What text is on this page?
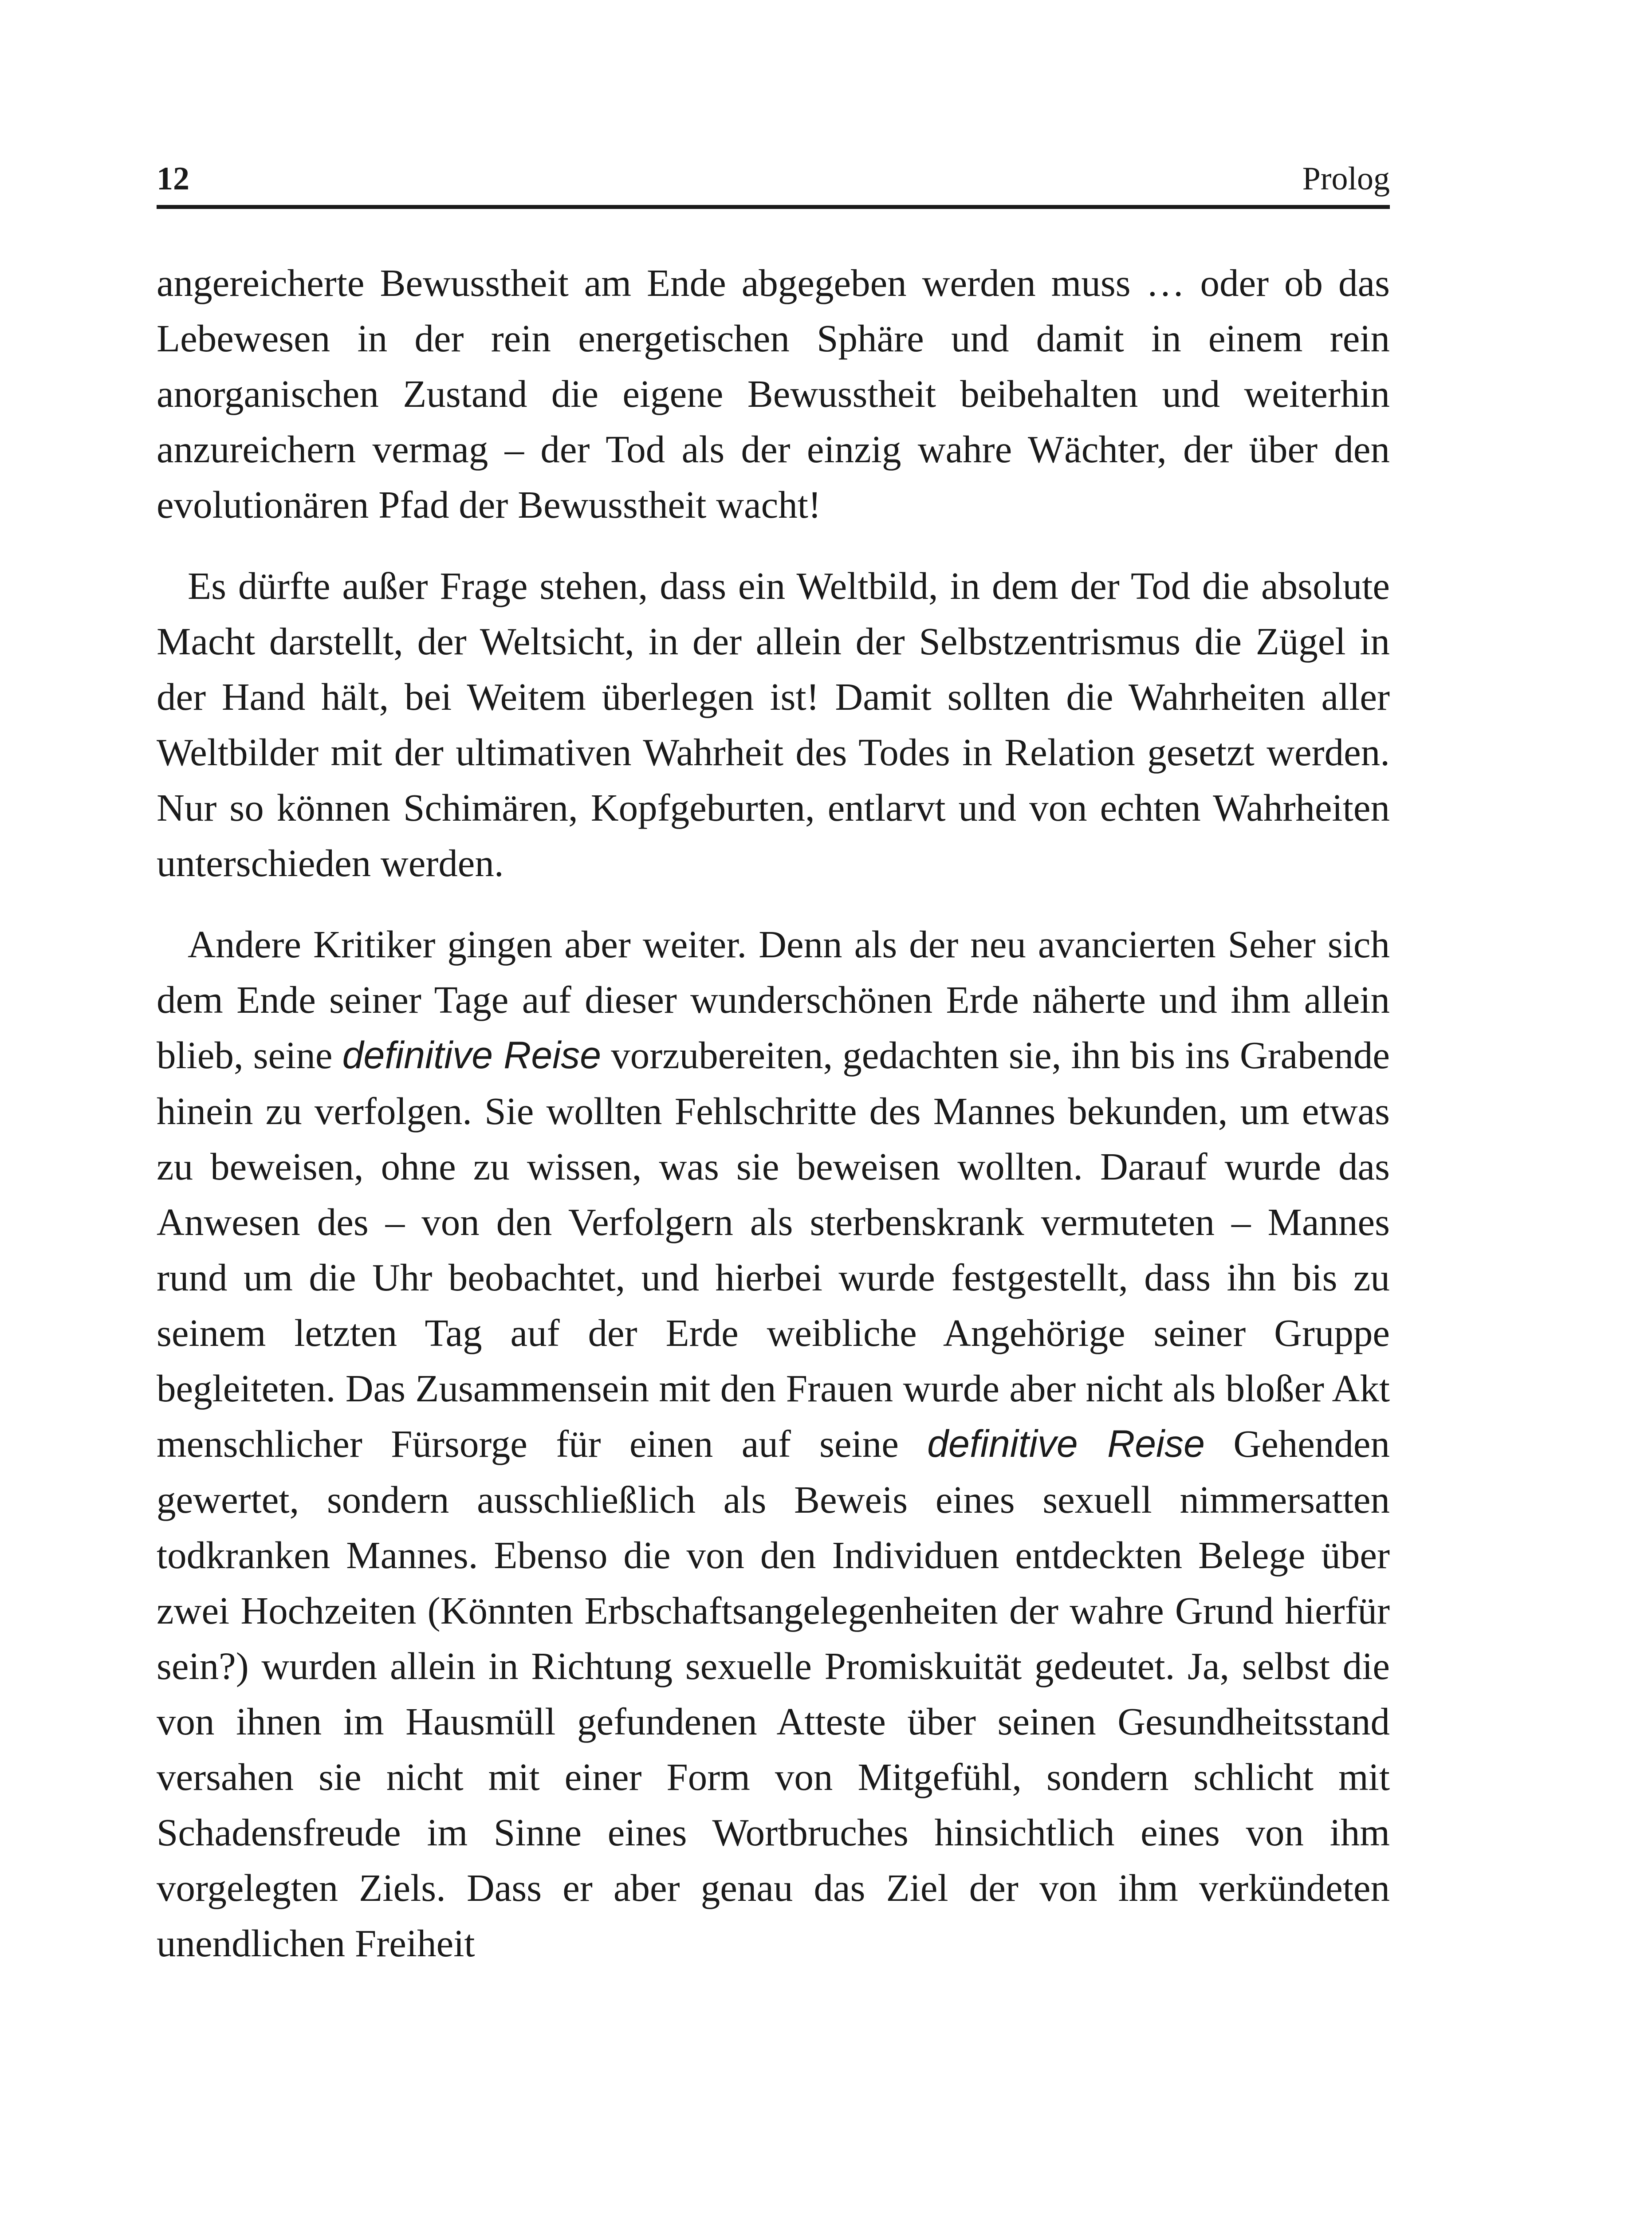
12	Prolog

angereicherte Bewusstheit am Ende abgegeben werden muss … oder ob das Lebewesen in der rein energetischen Sphäre und damit in einem rein anorganischen Zustand die eigene Bewusstheit beibehalten und weiterhin anzureichern vermag – der Tod als der einzig wahre Wächter, der über den evolutionären Pfad der Bewusstheit wacht!

Es dürfte außer Frage stehen, dass ein Weltbild, in dem der Tod die absolute Macht darstellt, der Weltsicht, in der allein der Selbstzentrismus die Zügel in der Hand hält, bei Weitem überlegen ist! Damit sollten die Wahrheiten aller Weltbilder mit der ultimativen Wahrheit des Todes in Relation gesetzt werden. Nur so können Schimären, Kopfgeburten, entlarvt und von echten Wahrheiten unterschieden werden.

Andere Kritiker gingen aber weiter. Denn als der neu avancierten Seher sich dem Ende seiner Tage auf dieser wunderschönen Erde näherte und ihm allein blieb, seine definitive Reise vorzubereiten, gedachten sie, ihn bis ins Grabende hinein zu verfolgen. Sie wollten Fehlschritte des Mannes bekunden, um etwas zu beweisen, ohne zu wissen, was sie beweisen wollten. Darauf wurde das Anwesen des – von den Verfolgern als sterbenskrank vermuteten – Mannes rund um die Uhr beobachtet, und hierbei wurde festgestellt, dass ihn bis zu seinem letzten Tag auf der Erde weibliche Angehörige seiner Gruppe begleiteten. Das Zusammensein mit den Frauen wurde aber nicht als bloßer Akt menschlicher Fürsorge für einen auf seine definitive Reise Gehenden gewertet, sondern ausschließlich als Beweis eines sexuell nimmersatten todkranken Mannes. Ebenso die von den Individuen entdeckten Belege über zwei Hochzeiten (Könnten Erbschaftsangelegenheiten der wahre Grund hierfür sein?) wurden allein in Richtung sexuelle Promiskuität gedeutet. Ja, selbst die von ihnen im Hausmüll gefundenen Atteste über seinen Gesundheitsstand versahen sie nicht mit einer Form von Mitgefühl, sondern schlicht mit Schadensfreude im Sinne eines Wortbruches hinsichtlich eines von ihm vorgelegten Ziels. Dass er aber genau das Ziel der von ihm verkündeten unendlichen Freiheit
